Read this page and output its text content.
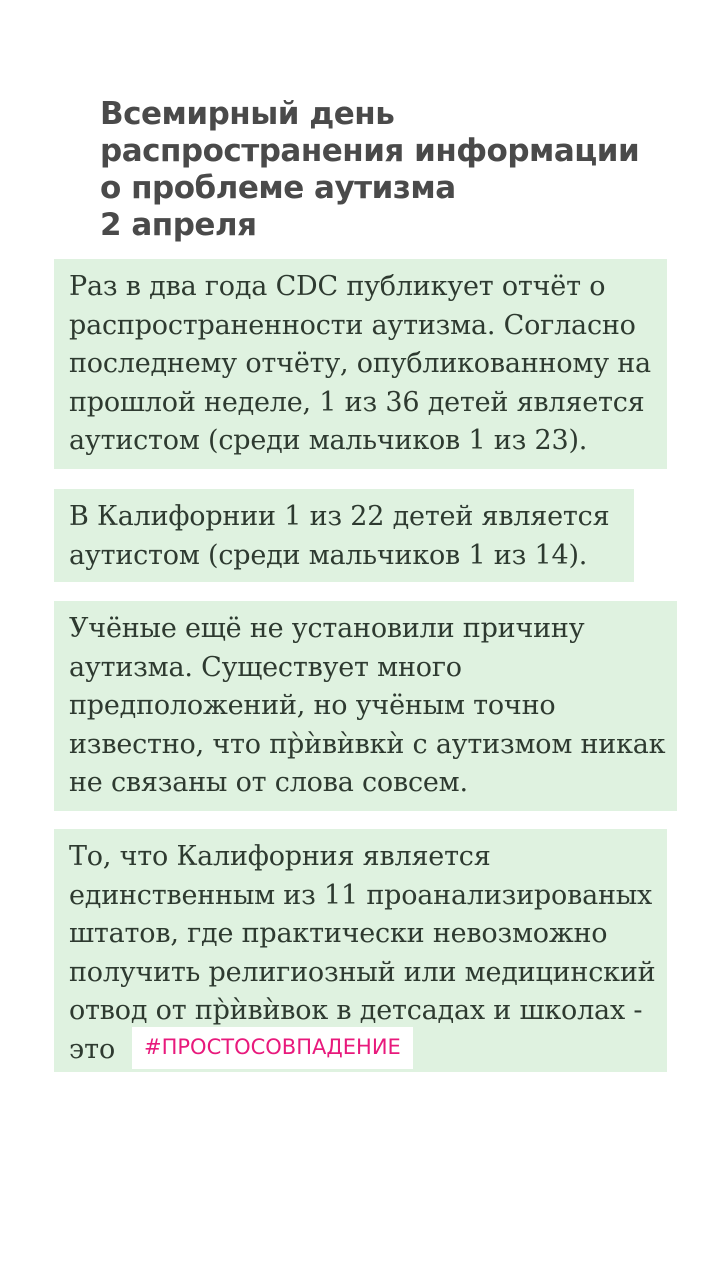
Всемирный день
распространения информации
о проблеме аутизма
2 апреля
Раз в два года CDC публикует отчёт о
распространенности аутизма. Согласно
последнему отчёту, опубликованному на
прошлой неделе, 1 из 36 детей является
аутистом (среди мальчиков 1 из 23).
В Калифорнии 1 из 22 детей является
аутистом (среди мальчиков 1 из 14).
Учёные ещё не установили причину
аутизма. Существует много
предположений, но учёным точно
известно, что пр̀ѝвѝвкѝ с аутизмом никак
не связаны от слова совсем.
То, что Калифорния является
единственным из 11 проанализированых
штатов, где практически невозможно
получить религиозный или медицинский
отвод от пр̀ѝвѝвок в детсадах и школах -
это	#ПРОСТОСОВПАДЕНИЕ
